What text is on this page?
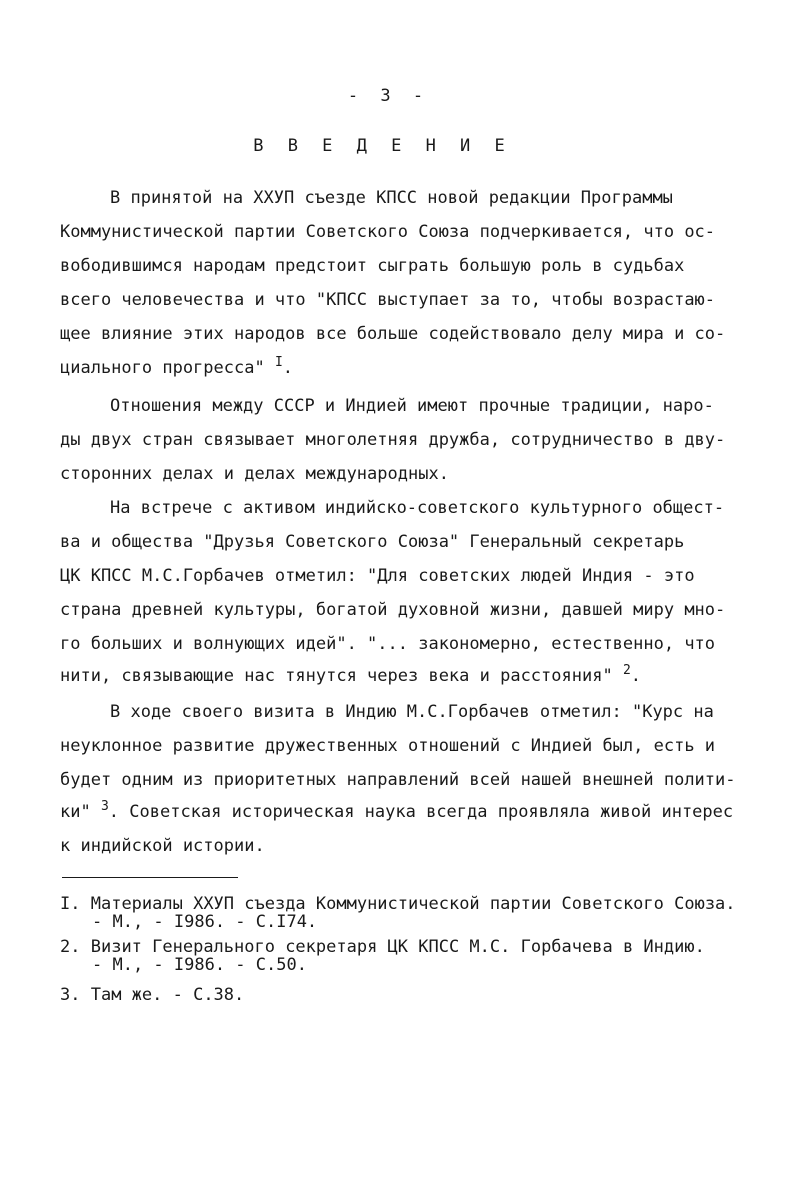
- 3 -
В В Е Д Е Н И Е
В принятой на ХХУП съезде КПСС новой редакции Программы
Коммунистической партии Советского Союза подчеркивается, что ос-
вободившимся народам предстоит сыграть большую роль в судьбах
всего человечества и что "КПСС выступает за то, чтобы возрастаю-
щее влияние этих народов все больше содействовало делу мира и со-
циального прогресса" $^I$.
Отношения между СССР и Индией имеют прочные традиции, наро-
ды двух стран связывает многолетняя дружба, сотрудничество в дву-
сторонних делах и делах международных.
На встрече с активом индийско-советского культурного общест-
ва и общества "Друзья Советского Союза" Генеральный секретарь
ЦК КПСС М.С.Горбачев отметил: "Для советских людей Индия - это
страна древней культуры, богатой духовной жизни, давшей миру мно-
го больших и волнующих идей". "... закономерно, естественно, что
нити, связывающие нас тянутся через века и расстояния" $^2$.
В ходе своего визита в Индию М.С.Горбачев отметил: "Курс на
неуклонное развитие дружественных отношений с Индией был, есть и
будет одним из приоритетных направлений всей нашей внешней полити-
ки" $^3$. Советская историческая наука всегда проявляла живой интерес
к индийской истории.
I. Материалы ХХУП съезда Коммунистической партии Советского Союза.
- М., - I986. - С.I74.
2. Визит Генерального секретаря ЦК КПСС М.С. Горбачева в Индию.
- М., - I986. - С.50.
3. Там же. - С.38.
